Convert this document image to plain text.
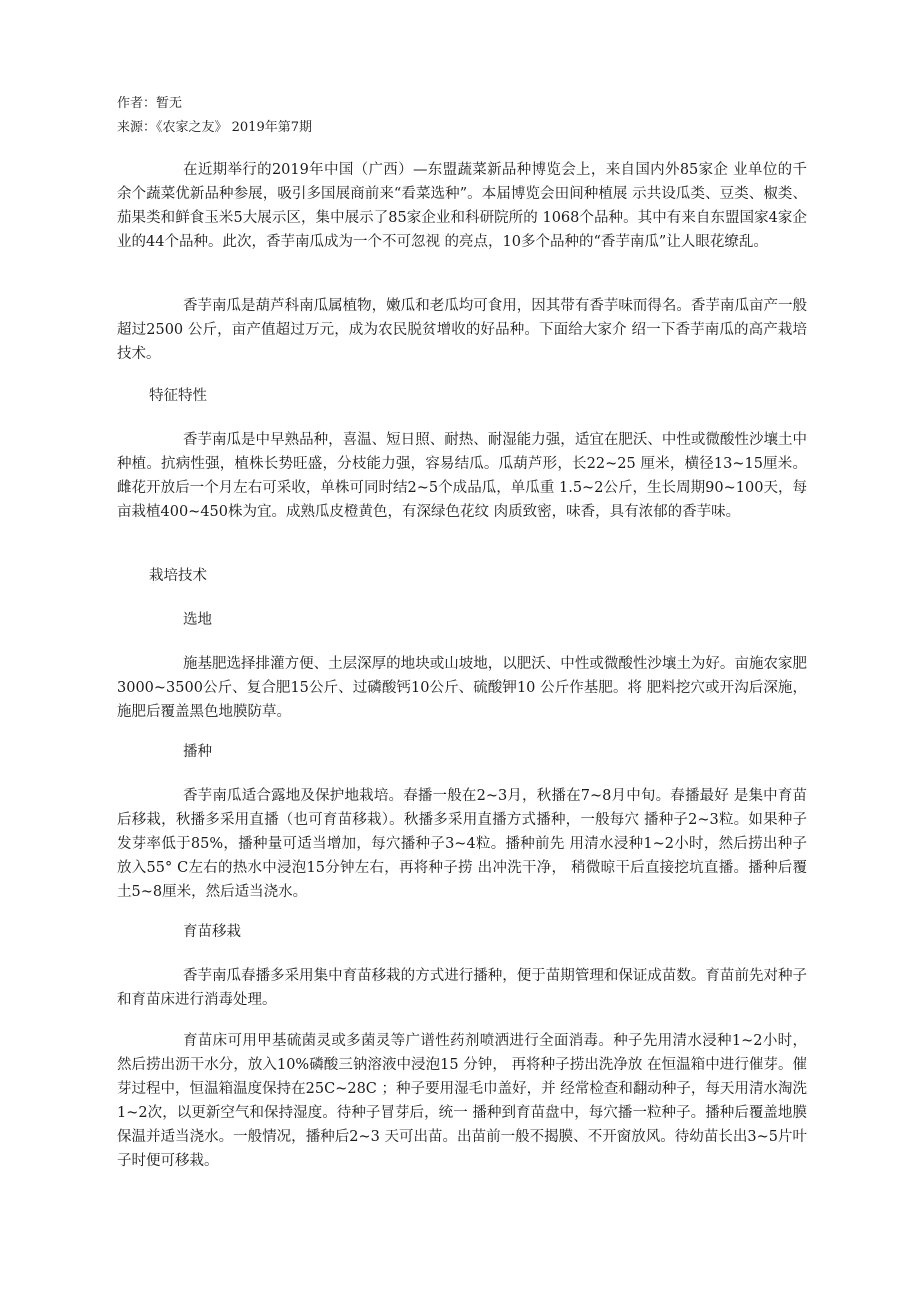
作者：暂无
来源：《农家之友》 2019年第7期

在近期举行的2019年中国（广西）—东盟蔬菜新品种博览会上，来自国内外85家企 业单位的千余个蔬菜优新品种参展，吸引多国展商前来“看菜选种”。本届博览会田间种植展 示共设瓜类、豆类、椒类、茄果类和鲜食玉米5大展示区，集中展示了85家企业和科研院所的 1068个品种。其中有来自东盟国家4家企业的44个品种。此次，香芋南瓜成为一个不可忽视 的亮点，10多个品种的“香芋南瓜”让人眼花缭乱。

香芋南瓜是葫芦科南瓜属植物，嫩瓜和老瓜均可食用，因其带有香芋味而得名。香芋南瓜亩产一般超过2500 公斤，亩产值超过万元，成为农民脱贫增收的好品种。下面给大家介 绍一下香芋南瓜的高产栽培技术。

特征特性

香芋南瓜是中早熟品种，喜温、短日照、耐热、耐湿能力强，适宜在肥沃、中性或微酸性沙壤土中种植。抗病性强，植株长势旺盛，分枝能力强，容易结瓜。瓜葫芦形，长22~25 厘米，横径13~15厘米。雌花开放后一个月左右可采收，单株可同时结2~5个成品瓜，单瓜重 1.5~2公斤，生长周期90~100天，每亩栽植400~450株为宜。成熟瓜皮橙黄色，有深绿色花纹 肉质致密，味香，具有浓郁的香芋味。

栽培技术

选地

施基肥选择排灌方便、土层深厚的地块或山坡地，以肥沃、中性或微酸性沙壤土为好。亩施农家肥3000~3500公斤、复合肥15公斤、过磷酸钙10公斤、硫酸钾10 公斤作基肥。将 肥料挖穴或开沟后深施，施肥后覆盖黑色地膜防草。

播种

香芋南瓜适合露地及保护地栽培。春播一般在2~3月，秋播在7~8月中旬。春播最好 是集中育苗后移栽，秋播多采用直播（也可育苗移栽）。秋播多采用直播方式播种，一般每穴 播种子2~3粒。如果种子发芽率低于85%，播种量可适当增加，每穴播种子3~4粒。播种前先 用清水浸种1~2小时，然后捞出种子放入55° C左右的热水中浸泡15分钟左右，再将种子捞 出冲洗干净， 稍微晾干后直接挖坑直播。播种后覆土5~8厘米，然后适当浇水。

育苗移栽

香芋南瓜春播多采用集中育苗移栽的方式进行播种，便于苗期管理和保证成苗数。育苗前先对种子和育苗床进行消毒处理。

育苗床可用甲基硫菌灵或多菌灵等广谱性药剂喷洒进行全面消毒。种子先用清水浸种1~2小时， 然后捞出沥干水分，放入10%磷酸三钠溶液中浸泡15 分钟， 再将种子捞出洗净放 在恒温箱中进行催芽。催芽过程中，恒温箱温度保持在25C~28C ；种子要用湿毛巾盖好，并 经常检查和翻动种子，每天用清水淘洗1~2次，以更新空气和保持湿度。待种子冒芽后，统一 播种到育苗盘中，每穴播一粒种子。播种后覆盖地膜保温并适当浇水。一般情况，播种后2~3 天可出苗。出苗前一般不揭膜、不开窗放风。待幼苗长出3~5片叶子时便可移栽。
